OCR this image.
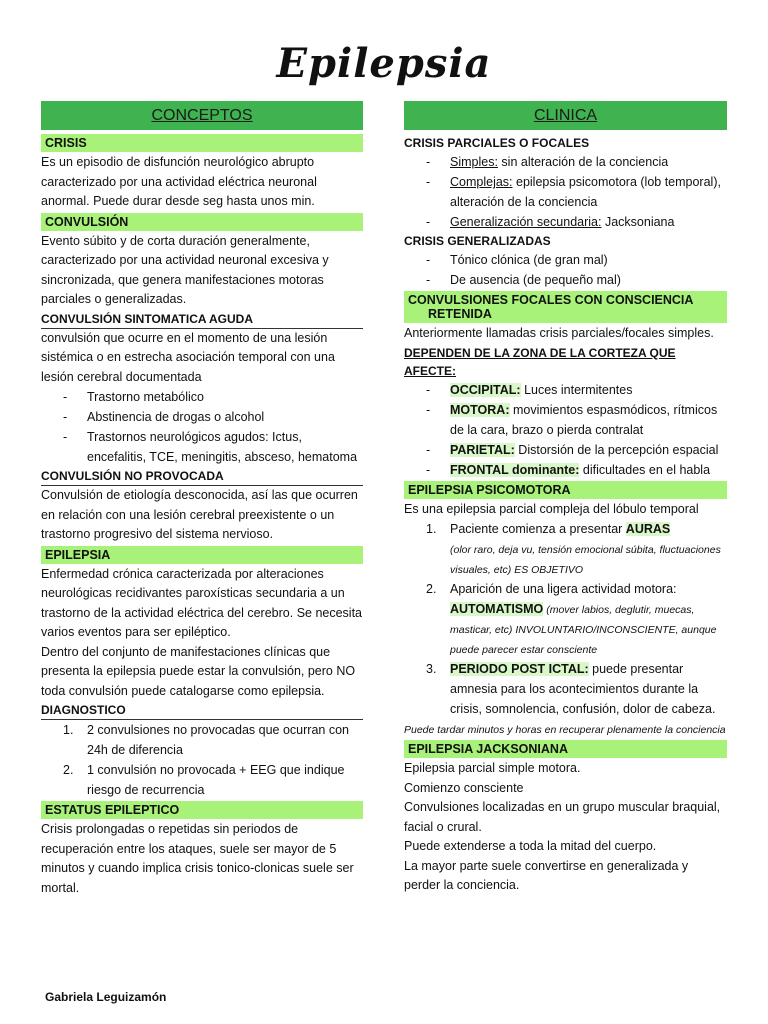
Epilepsia
CONCEPTOS
CRISIS

Es un episodio de disfunción neurológico abrupto caracterizado por una actividad eléctrica neuronal anormal. Puede durar desde seg hasta unos min.

CONVULSIÓN

Evento súbito y de corta duración generalmente, caracterizado por una actividad neuronal excesiva y sincronizada, que genera manifestaciones motoras parciales o generalizadas.

CONVULSIÓN SINTOMATICA AGUDA

convulsión que ocurre en el momento de una lesión sistémica o en estrecha asociación temporal con una lesión cerebral documentada

- Trastorno metabólico
- Abstinencia de drogas o alcohol
- Trastornos neurológicos agudos: Ictus, encefalitis, TCE, meningitis, absceso, hematoma
CONVULSIÓN NO PROVOCADA

Convulsión de etiología desconocida, así las que ocurren en relación con una lesión cerebral preexistente o un trastorno progresivo del sistema nervioso.

EPILEPSIA

Enfermedad crónica caracterizada por alteraciones neurológicas recidivantes paroxísticas secundaria a un trastorno de la actividad eléctrica del cerebro. Se necesita varios eventos para ser epiléptico.

Dentro del conjunto de manifestaciones clínicas que presenta la epilepsia puede estar la convulsión, pero NO toda convulsión puede catalogarse como epilepsia.

DIAGNOSTICO
1. 2 convulsiones no provocadas que ocurran con 24h de diferencia
2. 1 convulsión no provocada + EEG que indique riesgo de recurrencia
ESTATUS EPILEPTICO

Crisis prolongadas o repetidas sin periodos de recuperación entre los ataques, suele ser mayor de 5 minutos y cuando implica crisis tonico-clonicas suele ser mortal.

CLINICA
CRISIS PARCIALES O FOCALES
- Simples: sin alteración de la conciencia
- Complejas: epilepsia psicomotora (lob temporal), alteración de la conciencia
- Generalización secundaria: Jacksoniana
CRISIS GENERALIZADAS
- Tónico clónica (de gran mal)
- De ausencia (de pequeño mal)
CONVULSIONES FOCALES CON CONSCIENCIA
RETENIDA

Anteriormente llamadas crisis parciales/focales simples.

DEPENDEN DE LA ZONA DE LA CORTEZA QUE AFECTE:
- OCCIPITAL: Luces intermitentes
- MOTORA: movimientos espasmódicos, rítmicos de la cara, brazo o pierda contralat
- PARIETAL: Distorsión de la percepción espacial
- FRONTAL dominante: dificultades en el habla
EPILEPSIA PSICOMOTORA

Es una epilepsia parcial compleja del lóbulo temporal

1. Paciente comienza a presentar AURAS
(olor raro, deja vu, tensión emocional súbita, fluctuaciones visuales, etc) ES OBJETIVO
2. Aparición de una ligera actividad motora: AUTOMATISMO (mover labios, deglutir, muecas, masticar, etc) INVOLUNTARIO/INCONSCIENTE, aunque puede parecer estar consciente
3. PERIODO POST ICTAL: puede presentar amnesia para los acontecimientos durante la crisis, somnolencia, confusión, dolor de cabeza.
Puede tardar minutos y horas en recuperar plenamente la conciencia
EPILEPSIA JACKSONIANA

Epilepsia parcial simple motora.

Comienzo consciente

Convulsiones localizadas en un grupo muscular braquial, facial o crural.

Puede extenderse a toda la mitad del cuerpo.

La mayor parte suele convertirse en generalizada y perder la conciencia.

Gabriela Leguizamón
